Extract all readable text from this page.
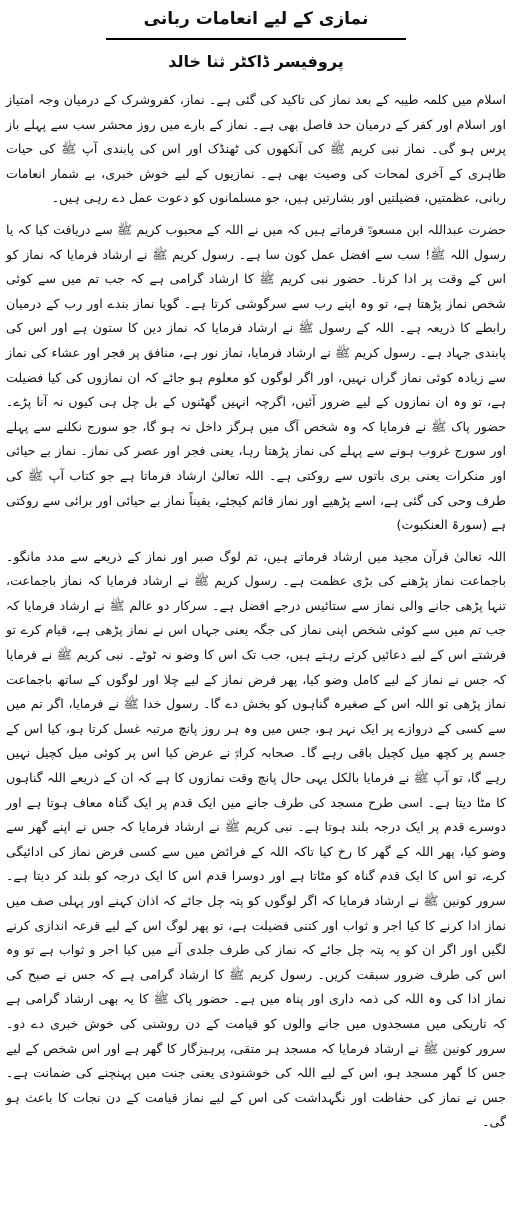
نمازی کے لیے انعامات ربانی
پروفیسر ڈاکٹر ثنا خالد

اسلام میں کلمہ طیبہ کے بعد نماز کی تاکید کی گئی ہے۔ نماز، کفروشرک کے درمیان وجہ امتیاز اور اسلام اور کفر کے درمیان حد فاصل بھی ہے۔ نماز کے بارے میں روز محشر سب سے پہلے باز پرس ہو گی۔ نماز نبی کریم ﷺ کی آنکھوں کی ٹھنڈک اور اس کی پابندی آپ ﷺ کی حیات ظاہری کے آخری لمحات کی وصیت بھی ہے۔ نمازیوں کے لیے خوش خبری، بے شمار انعامات ربانی، عظمتیں، فضیلتیں اور بشارتیں ہیں، جو مسلمانوں کو دعوت عمل دے رہی ہیں۔

حضرت عبداللہ ابن مسعودؓ فرماتے ہیں کہ میں نے اللہ کے محبوب کریم ﷺ سے دریافت کیا کہ یا رسول اللہ ﷺ! سب سے افضل عمل کون سا ہے۔ رسول کریم ﷺ نے ارشاد فرمایا کہ نماز کو اس کے وقت پر ادا کرنا۔ حضور نبی کریم ﷺ کا ارشاد گرامی ہے کہ جب تم میں سے کوئی شخص نماز پڑھتا ہے، تو وہ اپنے رب سے سرگوشی کرتا ہے۔ گویا نماز بندے اور رب کے درمیان رابطے کا ذریعہ ہے۔ اللہ کے رسول ﷺ نے ارشاد فرمایا کہ نماز دین کا ستون ہے اور اس کی پابندی جہاد ہے۔ رسول کریم ﷺ نے ارشاد فرمایا، نماز نور ہے، منافق پر فجر اور عشاء کی نماز سے زیادہ کوئی نماز گراں نہیں، اور اگر لوگوں کو معلوم ہو جائے کہ ان نمازوں کی کیا فضیلت ہے، تو وہ ان نمازوں کے لیے ضرور آئیں، اگرچہ انہیں گھٹنوں کے بل چل ہی کیوں نہ آنا پڑے۔ حضور پاک ﷺ نے فرمایا کہ وہ شخص آگ میں ہرگز داخل نہ ہو گا، جو سورج نکلنے سے پہلے اور سورج غروب ہونے سے پہلے کی نماز پڑھتا رہا، یعنی فجر اور عصر کی نماز۔ نماز بے حیائی اور منکرات یعنی بری باتوں سے روکتی ہے۔ اللہ تعالیٰ ارشاد فرماتا ہے جو کتاب آپ ﷺ کی طرف وحی کی گئی ہے، اسے پڑھیے اور نماز قائم کیجئے، یقیناً نماز بے حیائی اور برائی سے روکتی ہے (سورۃ العنکبوت)

اللہ تعالیٰ قرآن مجید میں ارشاد فرماتے ہیں، تم لوگ صبر اور نماز کے ذریعے سے مدد مانگو۔ باجماعت نماز پڑھنے کی بڑی عظمت ہے۔ رسول کریم ﷺ نے ارشاد فرمایا کہ نماز باجماعت، تنہا پڑھی جانے والی نماز سے ستائیس درجے افضل ہے۔ سرکار دو عالم ﷺ نے ارشاد فرمایا کہ جب تم میں سے کوئی شخص اپنی نماز کی جگہ یعنی جہاں اس نے نماز پڑھی ہے، قیام کرے تو فرشتے اس کے لیے دعائیں کرتے رہتے ہیں، جب تک اس کا وضو نہ ٹوٹے۔ نبی کریم ﷺ نے فرمایا کہ جس نے نماز کے لیے کامل وضو کیا، پھر فرض نماز کے لیے چلا اور لوگوں کے ساتھ باجماعت نماز پڑھی تو اللہ اس کے صغیرہ گناہوں کو بخش دے گا۔ رسول خدا ﷺ نے فرمایا، اگر تم میں سے کسی کے دروازے پر ایک نہر ہو، جس میں وہ ہر روز پانچ مرتبہ غسل کرتا ہو، کیا اس کے جسم پر کچھ میل کچیل باقی رہے گا۔ صحابہ کرامؓ نے عرض کیا اس پر کوئی میل کچیل نہیں رہے گا، تو آپ ﷺ نے فرمایا بالکل یہی حال پانچ وقت نمازوں کا ہے کہ ان کے ذریعے اللہ گناہوں کا مٹا دیتا ہے۔ اسی طرح مسجد کی طرف جانے میں ایک قدم پر ایک گناہ معاف ہوتا ہے اور دوسرے قدم پر ایک درجہ بلند ہوتا ہے۔ نبی کریم ﷺ نے ارشاد فرمایا کہ جس نے اپنے گھر سے وضو کیا، پھر اللہ کے گھر کا رخ کیا تاکہ اللہ کے فرائض میں سے کسی فرض نماز کی ادائیگی کرے، تو اس کا ایک قدم گناہ کو مٹاتا ہے اور دوسرا قدم اس کا ایک درجہ کو بلند کر دیتا ہے۔ سرور کونین ﷺ نے ارشاد فرمایا کہ اگر لوگوں کو پتہ چل جائے کہ اذان کہنے اور پہلی صف میں نماز ادا کرنے کا کیا اجر و ثواب اور کتنی فضیلت ہے، تو پھر لوگ اس کے لیے قرعہ اندازی کرنے لگیں اور اگر ان کو یہ پتہ چل جائے کہ نماز کی طرف جلدی آنے میں کیا اجر و ثواب ہے تو وہ اس کی طرف ضرور سبقت کریں۔ رسول کریم ﷺ کا ارشاد گرامی ہے کہ جس نے صبح کی نماز ادا کی وہ اللہ کی ذمہ داری اور پناہ میں ہے۔ حضور پاک ﷺ کا یہ بھی ارشاد گرامی ہے کہ تاریکی میں مسجدوں میں جانے والوں کو قیامت کے دن روشنی کی خوش خبری دے دو۔ سرور کونین ﷺ نے ارشاد فرمایا کہ مسجد ہر متقی، پرہیزگار کا گھر ہے اور اس شخص کے لیے جس کا گھر مسجد ہو، اس کے لیے اللہ کی خوشنودی یعنی جنت میں پہنچنے کی ضمانت ہے۔ جس نے نماز کی حفاظت اور نگہداشت کی اس کے لیے نماز قیامت کے دن نجات کا باعث ہو گی۔
